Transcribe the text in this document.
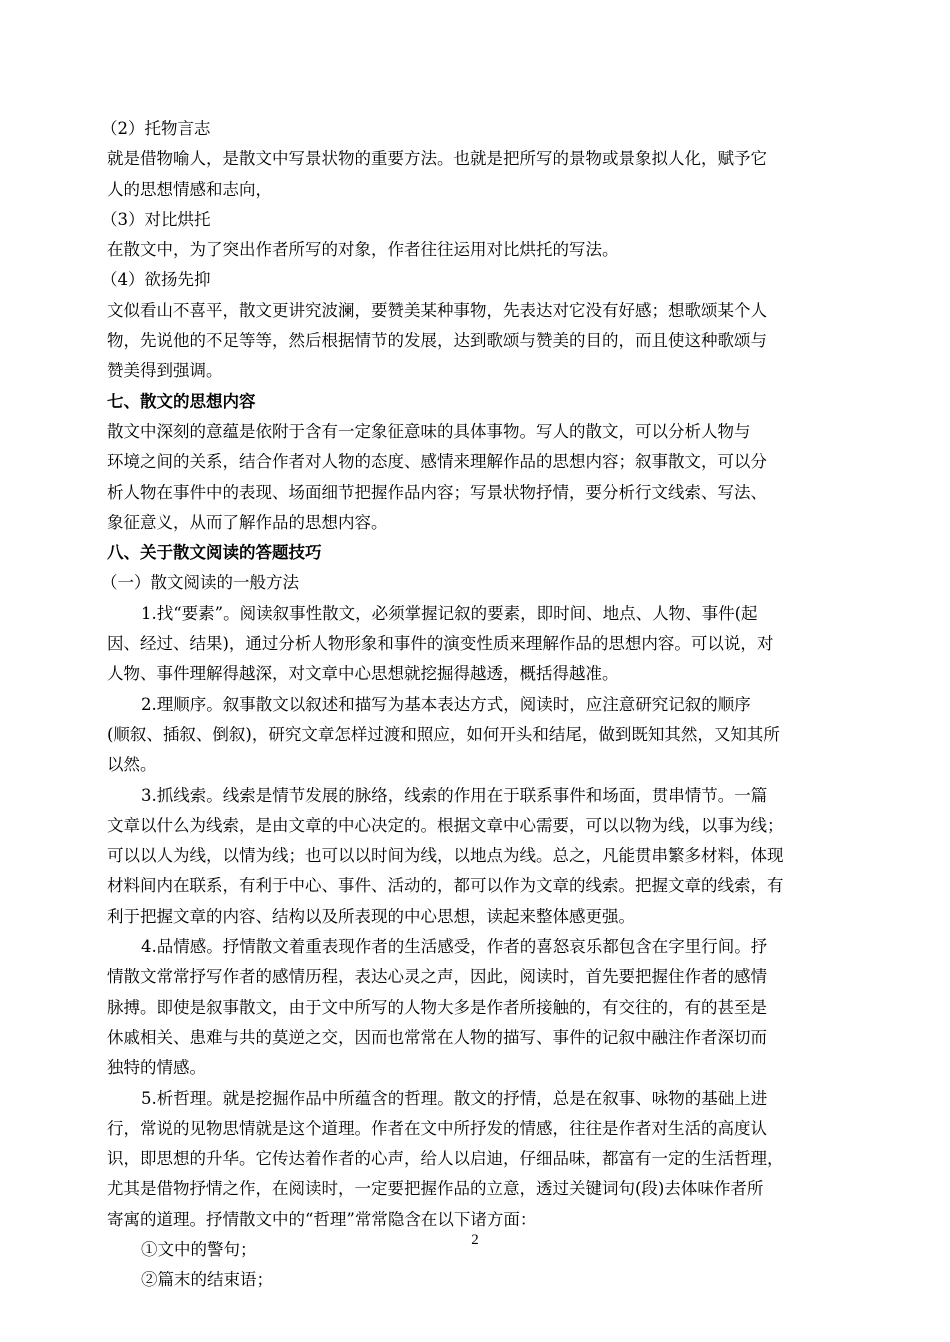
（2）托物言志
就是借物喻人，是散文中写景状物的重要方法。也就是把所写的景物或景象拟人化，赋予它
人的思想情感和志向，
（3）对比烘托
在散文中，为了突出作者所写的对象，作者往往运用对比烘托的写法。
（4）欲扬先抑
文似看山不喜平，散文更讲究波澜，要赞美某种事物，先表达对它没有好感；想歌颂某个人
物，先说他的不足等等，然后根据情节的发展，达到歌颂与赞美的目的，而且使这种歌颂与
赞美得到强调。
七、散文的思想内容
散文中深刻的意蕴是依附于含有一定象征意味的具体事物。写人的散文，可以分析人物与
环境之间的关系，结合作者对人物的态度、感情来理解作品的思想内容；叙事散文，可以分
析人物在事件中的表现、场面细节把握作品内容；写景状物抒情，要分析行文线索、写法、
象征意义，从而了解作品的思想内容。
八、关于散文阅读的答题技巧
（一）散文阅读的一般方法
1.找“要素”。阅读叙事性散文，必须掌握记叙的要素，即时间、地点、人物、事件(起
因、经过、结果)，通过分析人物形象和事件的演变性质来理解作品的思想内容。可以说，对
人物、事件理解得越深，对文章中心思想就挖掘得越透，概括得越准。
2.理顺序。叙事散文以叙述和描写为基本表达方式，阅读时，应注意研究记叙的顺序
(顺叙、插叙、倒叙)，研究文章怎样过渡和照应，如何开头和结尾，做到既知其然，又知其所
以然。
3.抓线索。线索是情节发展的脉络，线索的作用在于联系事件和场面，贯串情节。一篇
文章以什么为线索，是由文章的中心决定的。根据文章中心需要，可以以物为线，以事为线；
可以以人为线，以情为线；也可以以时间为线，以地点为线。总之，凡能贯串繁多材料，体现
材料间内在联系，有利于中心、事件、活动的，都可以作为文章的线索。把握文章的线索，有
利于把握文章的内容、结构以及所表现的中心思想，读起来整体感更强。
4.品情感。抒情散文着重表现作者的生活感受，作者的喜怒哀乐都包含在字里行间。抒
情散文常常抒写作者的感情历程，表达心灵之声，因此，阅读时，首先要把握住作者的感情
脉搏。即使是叙事散文，由于文中所写的人物大多是作者所接触的，有交往的，有的甚至是
休戚相关、患难与共的莫逆之交，因而也常常在人物的描写、事件的记叙中融注作者深切而
独特的情感。
5.析哲理。就是挖掘作品中所蕴含的哲理。散文的抒情，总是在叙事、咏物的基础上进
行，常说的见物思情就是这个道理。作者在文中所抒发的情感，往往是作者对生活的高度认
识，即思想的升华。它传达着作者的心声，给人以启迪，仔细品味，都富有一定的生活哲理，
尤其是借物抒情之作，在阅读时，一定要把握作品的立意，透过关键词句(段)去体味作者所
寄寓的道理。抒情散文中的“哲理”常常隐含在以下诸方面：
①文中的警句；
②篇末的结束语；
2
